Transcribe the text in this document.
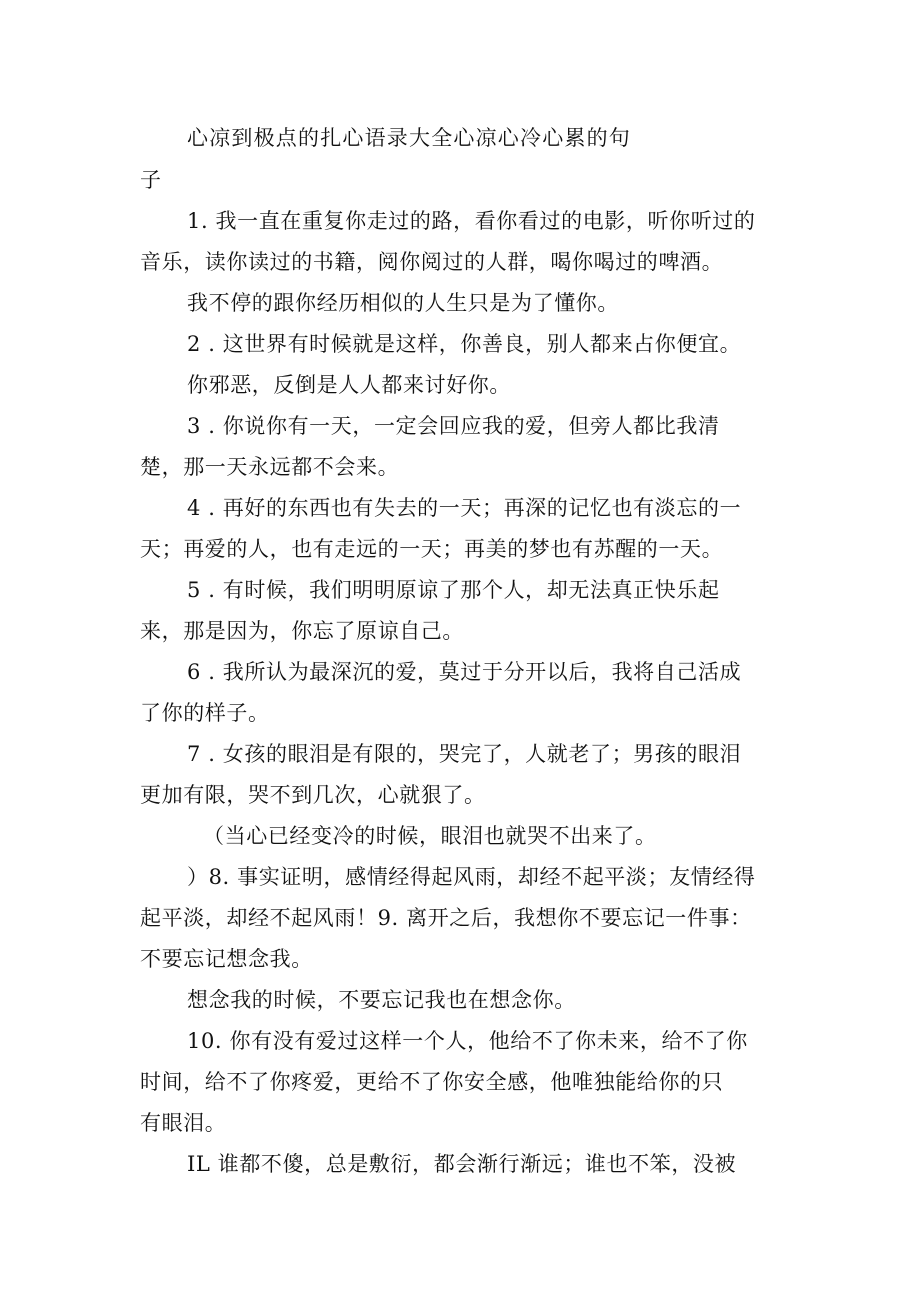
心凉到极点的扎心语录大全心凉心冷心累的句
子
1. 我一直在重复你走过的路，看你看过的电影，听你听过的
音乐，读你读过的书籍，阅你阅过的人群，喝你喝过的啤酒。
我不停的跟你经历相似的人生只是为了懂你。
2 . 这世界有时候就是这样，你善良，别人都来占你便宜。
你邪恶，反倒是人人都来讨好你。
3 . 你说你有一天，一定会回应我的爱，但旁人都比我清
楚，那一天永远都不会来。
4 . 再好的东西也有失去的一天；再深的记忆也有淡忘的一
天；再爱的人，也有走远的一天；再美的梦也有苏醒的一天。
5 . 有时候，我们明明原谅了那个人，却无法真正快乐起
来，那是因为，你忘了原谅自己。
6 . 我所认为最深沉的爱，莫过于分开以后，我将自己活成
了你的样子。
7 . 女孩的眼泪是有限的，哭完了，人就老了；男孩的眼泪
更加有限，哭不到几次，心就狠了。
（当心已经变冷的时候，眼泪也就哭不出来了。
）8. 事实证明，感情经得起风雨，却经不起平淡；友情经得
起平淡，却经不起风雨！9. 离开之后，我想你不要忘记一件事：
不要忘记想念我。
想念我的时候，不要忘记我也在想念你。
10. 你有没有爱过这样一个人，他给不了你未来，给不了你
时间，给不了你疼爱，更给不了你安全感，他唯独能给你的只
有眼泪。
IL 谁都不傻，总是敷衍，都会渐行渐远；谁也不笨，没被
